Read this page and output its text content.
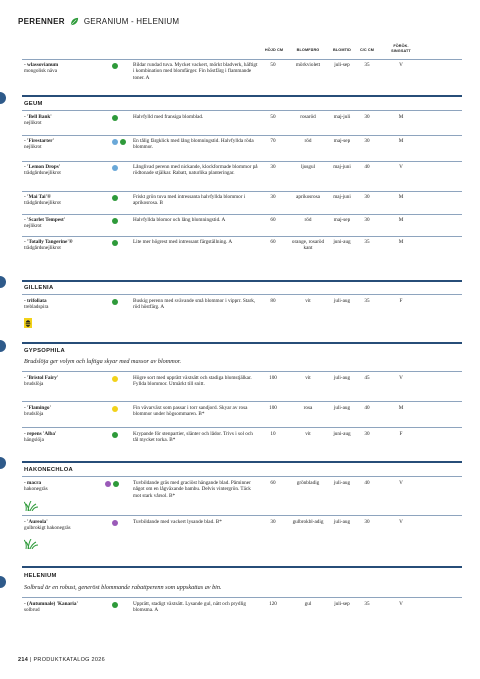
PERENNER GERANIUM - HELENIUM
HÖJD CM	BLOMFÄRG	BLOMTID	C/C CM
FÖRÖK. SINGSATT
- wlassovianum
mongolisk näva
Bildar rundad tuva. Mycket vackert, mörkt bladverk, häftigt i kombination med blomfärger. Fin höstfärg i flammande toner. A
50	mörkviolett	juli-sep	35	V
GEUM
- 'Bell Bank'
nejlikrot
Halvfylld med fransiga blomblad.	50	rosaröd	maj-juli	30	M
- 'Firestarter'
nejlikrot
En tålig färgklick med lång blomningstid. Halvfyllda röda blommor.
70	röd	maj-sep	30	M
- 'Lemon Drops'
trädgårdsnejlikrot
Långlivad perenn med nickande, klockformade blommor på rödtonade stjälkar. Rabatt, naturlika planteringar.
30	ljusgul	maj-juni	40	V
- 'Mai Tai'®
trädgårdsnejlikrot
Friskt grön tuva med intressanta halvfyllda blommor i aprikosrosa. B
30	aprikosrosa	maj-juni	30	M
- 'Scarlet Tempest'
nejlikrot
Halvfyllda blomor och lång blomningstid. A	60	röd	maj-sep	30	M
- 'Totally Tangerine'®
trädgårdsnejlikrot
Lite mer högrest med intressant färgställning. A	60	orange, rosaröd kant
juni-aug	35	M
GILLENIA
- trifoliata
trebladspira
Buskig perenn med svävande små blommor i vipprr. Stark, röd höstfärg. A
80	vit	juli-aug	35	F
GYPSOPHILA
Brudslöja ger volym och luftiga skyar med massor av blommor.
- 'Bristol Fairy'
brudslöja
Högre sort med upprätt växtsätt och stadiga blomstjälkar. Fyllda blommor. Utmärkt till snitt.
100	vit	juli-aug	45	V
- 'Flamingo'
brudslöja
Fin vävarväxt som passar i torr sandjord. Skyar av rosa blommor under högsommaren. B*
100	rosa	juli-aug	40	M
- repens 'Alba'
hängslöja
Krypande för stenpartier, slänter och lådor. Trivs i sol och tål mycket torka. B*
10	vit	juni-aug	30	F
HAKONECHLOA
- macra
hakonegräs
Tuvbildande gräs med graciöst hängande blad. Påminner något om en lågväxande bambu. Delvis vintergrön. Täck mot stark vårsol. B*
60	grönbladig	juli-aug	40	V
- 'Aureola'
gulbrokigt hakonegräs
Tuvbildande med vackert lysande blad. B*	30	gulbrokbl-adig	juli-aug	30	V
HELENIUM
Solbrud är en robust, generöst blommande rabattperenn som uppskattas av bin.
- (Autumnale) 'Kanaria'
solbrud
Upprätt, stadigt växtsätt. Lysande gul, nätt och prydlig blomsma. A
120	gul	juli-sep	35	V
214 | PRODUKTKATALOG 2026
